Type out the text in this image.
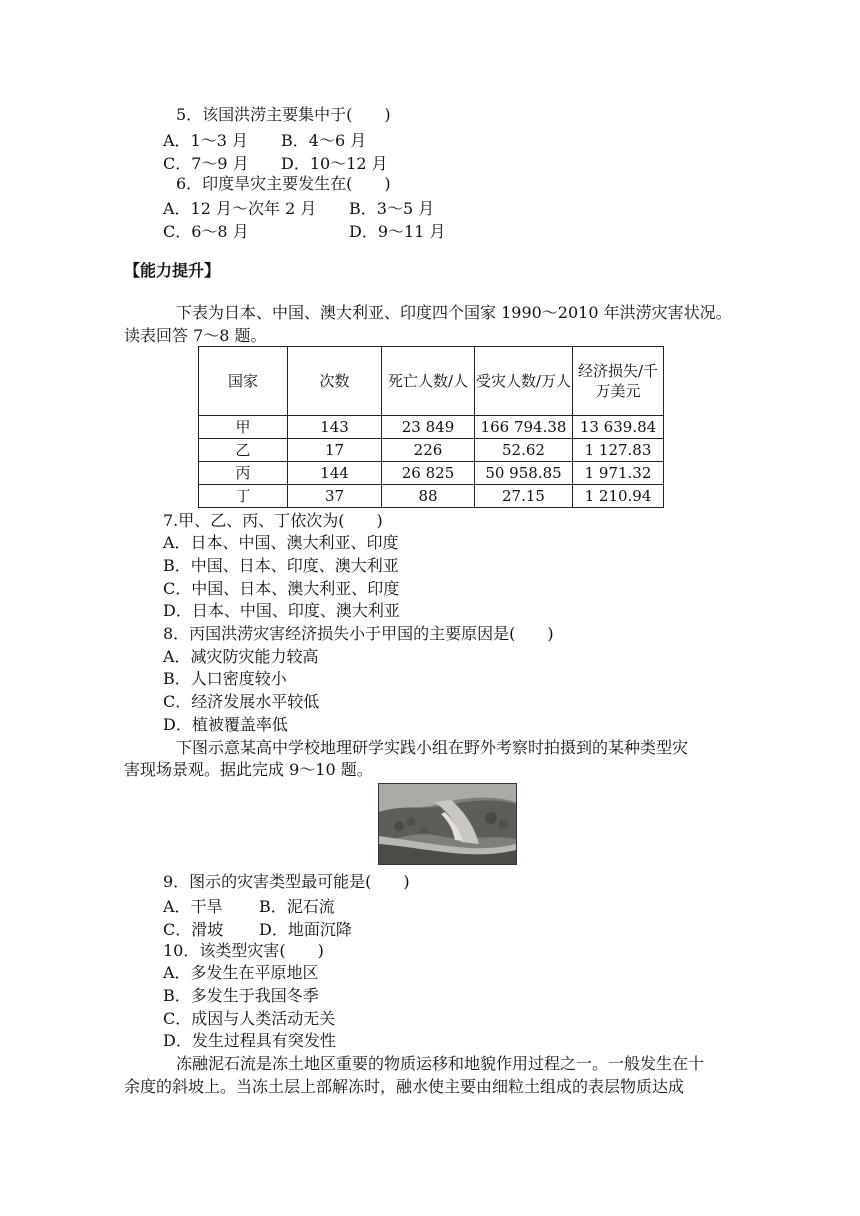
5．该国洪涝主要集中于(　　)
A．1～3 月 B．4～6 月
C．7～9 月 D．10～12 月
6．印度旱灾主要发生在(　　)
A．12 月～次年 2 月 B．3～5 月
C．6～8 月	D．9～11 月
【能力提升】
下表为日本、中国、澳大利亚、印度四个国家 1990～2010 年洪涝灾害状况。
读表回答 7～8 题。
国家	次数	死亡人数/人	受灾人数/万人	经济损失/千万美元
甲	143	23 849	166 794.38	13 639.84
乙	17	226	52.62	1 127.83
丙	144	26 825	50 958.85	1 971.32
丁	37	88	27.15	1 210.94
7.甲、乙、丙、丁依次为(　　)
A．日本、中国、澳大利亚、印度
B．中国、日本、印度、澳大利亚
C．中国、日本、澳大利亚、印度
D．日本、中国、印度、澳大利亚
8．丙国洪涝灾害经济损失小于甲国的主要原因是(　　)
A．减灾防灾能力较高
B．人口密度较小
C．经济发展水平较低
D．植被覆盖率低
下图示意某高中学校地理研学实践小组在野外考察时拍摄到的某种类型灾
害现场景观。据此完成 9～10 题。
9．图示的灾害类型最可能是(　　)
A．干旱 B．泥石流
C．滑坡 D．地面沉降
10．该类型灾害(　　)
A．多发生在平原地区
B．多发生于我国冬季
C．成因与人类活动无关
D．发生过程具有突发性
冻融泥石流是冻土地区重要的物质运移和地貌作用过程之一。一般发生在十
余度的斜坡上。当冻土层上部解冻时，融水使主要由细粒土组成的表层物质达成
